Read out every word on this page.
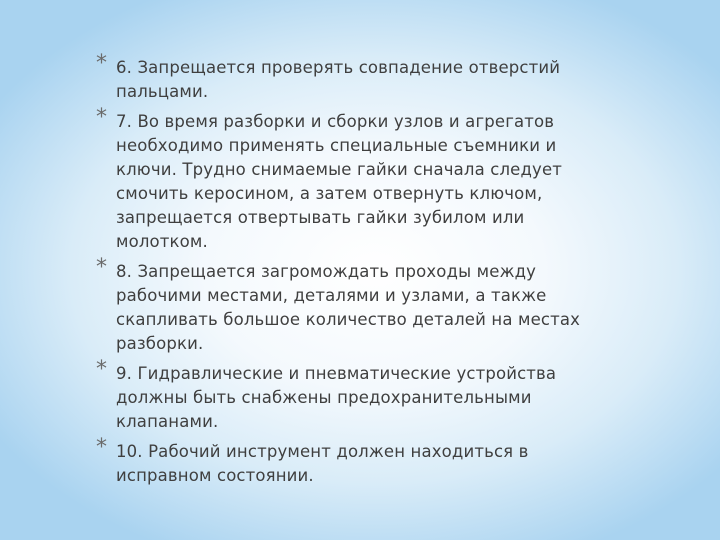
* 6. Запрещается проверять совпадение отверстий пальцами.
* 7. Во время разборки и сборки узлов и агрегатов необходимо применять специальные съемники и ключи. Трудно снимаемые гайки сначала следует смочить керосином, а затем отвернуть ключом, запрещается отвертывать гайки зубилом или молотком.
* 8. Запрещается загромождать проходы между рабочими местами, деталями и узлами, а также скапливать большое количество деталей на местах разборки.
* 9. Гидравлические и пневматические устройства должны быть снабжены предохранительными клапанами.
* 10. Рабочий инструмент должен находиться в исправном состоянии.
